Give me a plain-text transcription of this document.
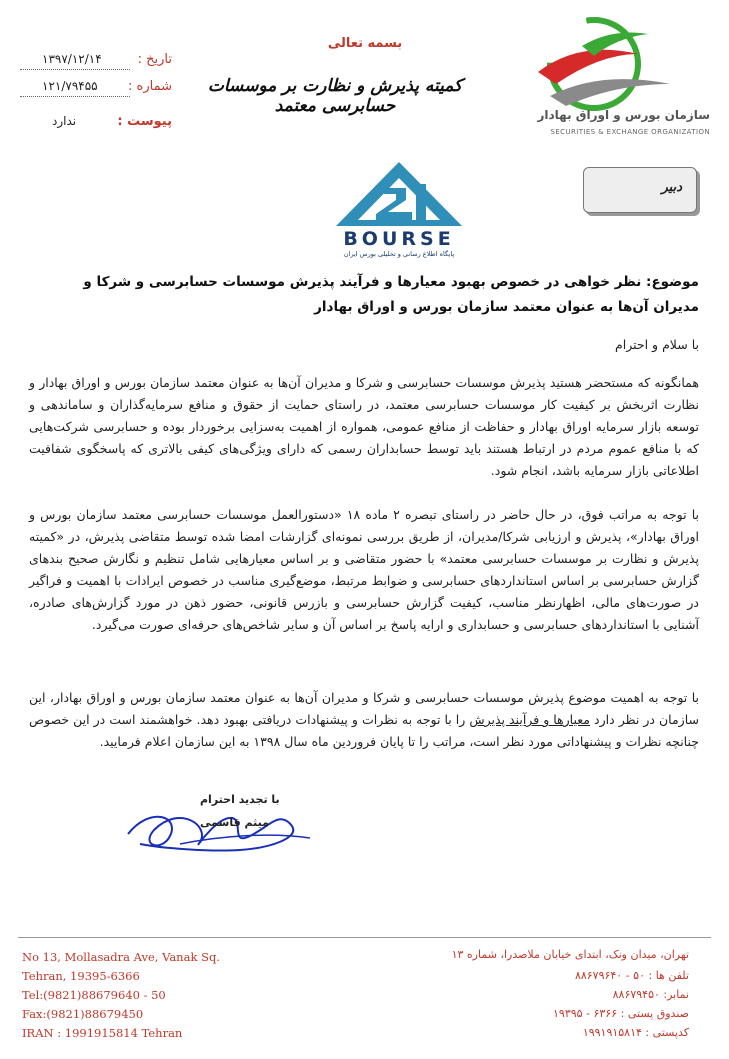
بسمه تعالی
کمیته پذیرش و نظارت بر موسسات حسابرسی معتمد
تاریخ :
۱۳۹۷/۱۲/۱۴
شماره :
۱۲۱/۷۹۴۵۵
پیوست :
ندارد	سازمان بورس و اوراق بهادار
SECURITIES & EXCHANGE ORGANIZATION
دبیر
BOURSE
پایگاه اطلاع رسانی و تحلیلی بورس ایران
موضوع: نظر خواهی در خصوص بهبود معیارها و فرآیند پذیرش موسسات حسابرسی و شرکا و
مدیران آن‌ها به عنوان معتمد سازمان بورس و اوراق بهادار
با سلام و احترام
همانگونه که مستحضر هستید پذیرش موسسات حسابرسی و شرکا و مدیران آن‌ها به عنوان معتمد سازمان بورس و اوراق بهادار و نظارت اثربخش بر کیفیت کار موسسات حسابرسی معتمد، در راستای حمایت از حقوق و منافع سرمایه‌گذاران و ساماندهی و توسعه بازار سرمایه اوراق بهادار و حفاظت از منافع عمومی، همواره از اهمیت به‌سزایی برخوردار بوده و حسابرسی شرکت‌هایی که با منافع عموم مردم در ارتباط هستند باید توسط حسابداران رسمی که دارای ویژگی‌های کیفی بالاتری که پاسخگوی شفافیت اطلاعاتی بازار سرمایه باشد، انجام شود.
با توجه به مراتب فوق، در حال حاضر در راستای تبصره ۲ ماده ۱۸ «دستورالعمل موسسات حسابرسی معتمد سازمان بورس و اوراق بهادار»، پذیرش و ارزیابی شرکا/مدیران، از طریق بررسی نمونه‌ای گزارشات امضا شده توسط متقاضی پذیرش، در «کمیته پذیرش و نظارت بر موسسات حسابرسی معتمد» با حضور متقاضی و بر اساس معیارهایی شامل تنظیم و نگارش صحیح بندهای گزارش حسابرسی بر اساس استانداردهای حسابرسی و ضوابط مرتبط، موضع‌گیری مناسب در خصوص ایرادات با اهمیت و فراگیر در صورت‌های مالی، اظهارنظر مناسب، کیفیت گزارش حسابرسی و بازرس قانونی، حضور ذهن در مورد گزارش‌های صادره، آشنایی با استانداردهای حسابرسی و حسابداری و ارایه پاسخ بر اساس آن و سایر شاخص‌های حرفه‌ای صورت می‌گیرد.
با توجه به اهمیت موضوع پذیرش موسسات حسابرسی و شرکا و مدیران آن‌ها به عنوان معتمد سازمان بورس و اوراق بهادار، این سازمان در نظر دارد معیارها و فرآیند پذیرش را با توجه به نظرات و پیشنهادات دریافتی بهبود دهد. خواهشمند است در این خصوص چنانچه نظرات و پیشنهاداتی مورد نظر است، مراتب را تا پایان فروردین ماه سال ۱۳۹۸ به این سازمان اعلام فرمایید.
با تجدید احترام
میثم قاسمی
No 13, Mollasadra Ave, Vanak Sq.
Tehran, 19395-6366
Tel:(9821)88679640 - 50
Fax:(9821)88679450
IRAN : 1991915814 Tehran
تهران، میدان ونک، ابتدای خیابان ملاصدرا، شماره ۱۳
تلفن ها : ۵۰ - ۸۸۶۷۹۶۴۰
نمابر: ۸۸۶۷۹۴۵۰
صندوق پستی : ۶۳۶۶ - ۱۹۳۹۵
کدپستی : ۱۹۹۱۹۱۵۸۱۴
